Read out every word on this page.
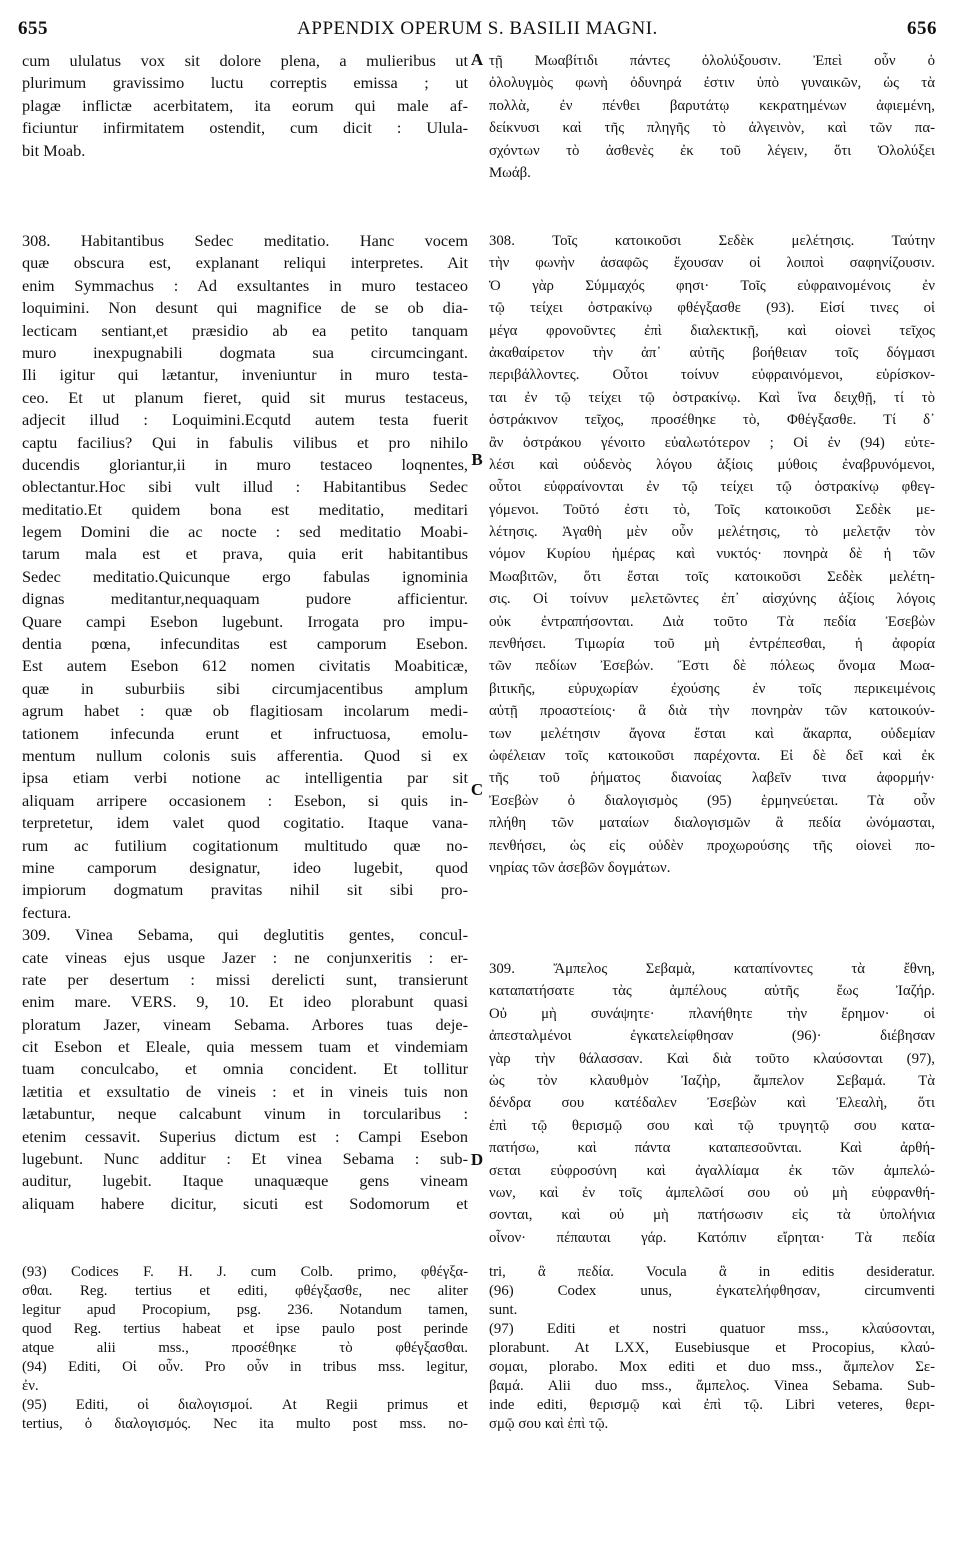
APPENDIX OPERUM S. BASILII MAGNI.
655	656
A
B
C
D
cum ululatus vox sit dolore plena, a mulieribus ut
plurimum gravissimo luctu correptis emissa ; ut
plagæ inflictæ acerbitatem, ita eorum qui male af-
ficiuntur infirmitatem ostendit, cum dicit : Ulula-
bit Moab.
τῇ Μωαβίτιδι πάντες ὀλολύξουσιν. Ἐπεὶ οὖν ὁ
ὀλολυγμὸς φωνὴ ὀδυνηρά ἐστιν ὑπὸ γυναικῶν, ὡς τὰ
πολλὰ, ἐν πένθει βαρυτάτῳ κεκρατημένων ἀφιεμένη,
δείκνυσι καὶ τῆς πληγῆς τὸ ἀλγεινὸν, καὶ τῶν πα-
σχόντων τὸ ἀσθενὲς ἐκ τοῦ λέγειν, ὅτι Ὀλολύξει
Μωάβ.
308. Habitantibus Sedec meditatio. Hanc vocem
quæ obscura est, explanant reliqui interpretes. Ait
enim Symmachus : Ad exsultantes in muro testaceo
loquimini. Non desunt qui magnifice de se ob dia-
lecticam sentiant,et præsidio ab ea petito tanquam
muro inexpugnabili dogmata sua circumcingant.
Ili igitur qui lætantur, inveniuntur in muro testa-
ceo. Et ut planum fieret, quid sit murus testaceus,
adjecit illud : Loquimini.Ecqutd autem testa fuerit
captu facilius? Qui in fabulis vilibus et pro nihilo
ducendis gloriantur,ii in muro testaceo loqnentes,
oblectantur.Hoc sibi vult illud : Habitantibus Sedec
meditatio.Et quidem bona est meditatio, meditari
legem Domini die ac nocte : sed meditatio Moabi-
tarum mala est et prava, quia erit habitantibus
Sedec meditatio.Quicunque ergo fabulas ignominia
dignas meditantur,nequaquam pudore afficientur.
Quare campi Esebon lugebunt. Irrogata pro impu-
dentia pœna, infecunditas est camporum Esebon.
Est autem Esebon 612 nomen civitatis Moabiticæ,
quæ in suburbiis sibi circumjacentibus amplum
agrum habet : quæ ob flagitiosam incolarum medi-
tationem infecunda erunt et infructuosa, emolu-
mentum nullum colonis suis afferentia. Quod si ex
ipsa etiam verbi notione ac intelligentia par sit
aliquam arripere occasionem : Esebon, si quis in-
terpretetur, idem valet quod cogitatio. Itaque vana-
rum ac futilium cogitationum multitudo quæ no-
mine camporum designatur, ideo lugebit, quod
impiorum dogmatum pravitas nihil sit sibi pro-
fectura.
309. Vinea Sebama, qui deglutitis gentes, concul-
cate vineas ejus usque Jazer : ne conjunxeritis : er-
rate per desertum : missi derelicti sunt, transierunt
enim mare. VERS. 9, 10. Et ideo plorabunt quasi
ploratum Jazer, vineam Sebama. Arbores tuas deje-
cit Esebon et Eleale, quia messem tuam et vindemiam
tuam conculcabo, et omnia concident. Et tollitur
lætitia et exsultatio de vineis : et in vineis tuis non
lætabuntur, neque calcabunt vinum in torcularibus :
etenim cessavit. Superius dictum est : Campi Esebon
lugebunt. Nunc additur : Et vinea Sebama : sub-
auditur, lugebit. Itaque unaquæque gens vineam
aliquam habere dicitur, sicuti est Sodomorum et
308. Τοῖς κατοικοῦσι Σεδὲκ μελέτησις. Ταύτην
τὴν φωνὴν ἀσαφῶς ἔχουσαν οἱ λοιποὶ σαφηνίζουσιν.
Ὁ γὰρ Σύμμαχός φησι· Τοῖς εὐφραινομένοις ἐν
τῷ τείχει ὀστρακίνῳ φθέγξασθε (93). Εἰσί τινες οἱ
μέγα φρονοῦντες ἐπὶ διαλεκτικῇ, καὶ οἱονεὶ τεῖχος
ἀκαθαίρετον τὴν ἀπ᾽ αὐτῆς βοήθειαν τοῖς δόγμασι
περιβάλλοντες. Οὗτοι τοίνυν εὐφραινόμενοι, εὑρίσκον-
ται ἐν τῷ τείχει τῷ ὀστρακίνῳ. Καὶ ἵνα δειχθῇ, τί τὸ
ὀστράκινον τεῖχος, προσέθηκε τὸ, Φθέγξασθε. Τί δ᾽
ἂν ὀστράκου γένοιτο εὐαλωτότερον ; Οἱ ἐν (94) εὐτε-
λέσι καὶ οὐδενὸς λόγου ἀξίοις μύθοις ἐναβρυνόμενοι,
οὗτοι εὐφραίνονται ἐν τῷ τείχει τῷ ὀστρακίνῳ φθεγ-
γόμενοι. Τοῦτό ἐστι τὸ, Τοῖς κατοικοῦσι Σεδὲκ με-
λέτησις. Ἀγαθὴ μὲν οὖν μελέτησις, τὸ μελετᾷν τὸν
νόμον Κυρίου ἡμέρας καὶ νυκτός· πονηρὰ δὲ ἡ τῶν
Μωαβιτῶν, ὅτι ἔσται τοῖς κατοικοῦσι Σεδὲκ μελέτη-
σις. Οἱ τοίνυν μελετῶντες ἐπ᾽ αἰσχύνης ἀξίοις λόγοις
οὐκ ἐντραπήσονται. Διὰ τοῦτο Τὰ πεδία Ἐσεβὼν
πενθήσει. Τιμωρία τοῦ μὴ ἐντρέπεσθαι, ἡ ἀφορία
τῶν πεδίων Ἐσεβών. Ἔστι δὲ πόλεως ὄνομα Μωα-
βιτικῆς, εὐρυχωρίαν ἐχούσης ἐν τοῖς περικειμένοις
αὐτῇ προαστείοις· ἃ διὰ τὴν πονηρὰν τῶν κατοικούν-
των μελέτησιν ἄγονα ἔσται καὶ ἄκαρπα, οὐδεμίαν
ὠφέλειαν τοῖς κατοικοῦσι παρέχοντα. Εἰ δὲ δεῖ καὶ ἐκ
τῆς τοῦ ῥήματος διανοίας λαβεῖν τινα ἀφορμήν·
Ἐσεβὼν ὁ διαλογισμὸς (95) ἑρμηνεύεται. Τὰ οὖν
πλήθη τῶν ματαίων διαλογισμῶν ἃ πεδία ὠνόμασται,
πενθήσει, ὡς εἰς οὐδὲν προχωρούσης τῆς οἱονεὶ πο-
νηρίας τῶν ἀσεβῶν δογμάτων.
309. Ἄμπελος Σεβαμὰ, καταπίνοντες τὰ ἔθνη,
καταπατήσατε τὰς ἀμπέλους αὐτῆς ἕως Ἰαζήρ.
Οὐ μὴ συνάψητε· πλανήθητε τὴν ἔρημον· οἱ
ἀπεσταλμένοι ἐγκατελείφθησαν (96)· διέβησαν
γὰρ τὴν θάλασσαν. Καὶ διὰ τοῦτο κλαύσονται (97),
ὡς τὸν κλαυθμὸν Ἰαζὴρ, ἄμπελον Σεβαμά. Τὰ
δένδρα σου κατέδαλεν Ἐσεβὼν καὶ Ἐλεαλὴ, ὅτι
ἐπὶ τῷ θερισμῷ σου καὶ τῷ τρυγητῷ σου κατα-
πατήσω, καὶ πάντα καταπεσοῦνται. Καὶ ἀρθή-
σεται εὐφροσύνη καὶ ἀγαλλίαμα ἐκ τῶν ἀμπελώ-
νων, καὶ ἐν τοῖς ἀμπελῶσί σου οὐ μὴ εὐφρανθή-
σονται, καὶ οὐ μὴ πατήσωσιν εἰς τὰ ὑπολήνια
οἶνον· πέπαυται γάρ. Κατόπιν εἴρηται· Τὰ πεδία
(93) Codices F. H. J. cum Colb. primo, φθέγξα-
σθαι. Reg. tertius et editi, φθέγξασθε, nec aliter
legitur apud Procopium, psg. 236. Notandum tamen,
quod Reg. tertius habeat et ipse paulo post perinde
atque alii mss., προσέθηκε τὸ φθέγξασθαι.
(94) Editi, Οἱ οὖν. Pro οὖν in tribus mss. legitur,
ἐν.
(95) Editi, οἱ διαλογισμοί. At Regii primus et
tertius, ὁ διαλογισμός. Nec ita multo post mss. no-
tri, ἃ πεδία. Vocula ἃ in editis desideratur.
(96) Codex unus, ἐγκατελήφθησαν, circumventi
sunt.
(97) Editi et nostri quatuor mss., κλαύσονται,
plorabunt. At LXX, Eusebiusque et Procopius, κλαύ-
σομαι, plorabo. Mox editi et duo mss., ἄμπελον Σε-
βαμά. Alii duo mss., ἄμπελος. Vinea Sebama. Sub-
inde editi, θερισμῷ καὶ ἐπὶ τῷ. Libri veteres, θερι-
σμῷ σου καὶ ἐπὶ τῷ.
